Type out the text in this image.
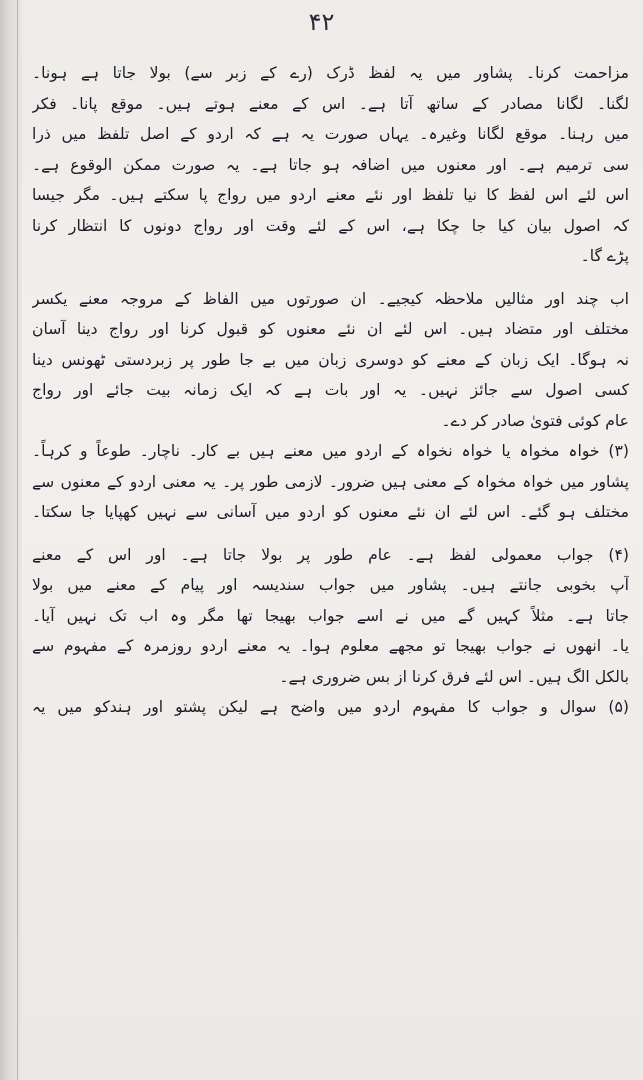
۴۲
مزاحمت کرنا۔ پشاور میں یہ لفظ ڈرک (رے کے زبر سے) بولا جاتا ہے ہونا۔
لگنا۔ لگانا مصادر کے ساتھ آتا ہے۔ اس کے معنے ہوتے ہیں۔ موقع پانا۔ فکر
میں رہنا۔ موقع لگانا وغیرہ۔ یہاں صورت یہ ہے کہ اردو کے اصل تلفظ میں ذرا
سی ترمیم ہے۔ اور معنوں میں اضافہ ہو جاتا ہے۔ یہ صورت ممکن الوقوع ہے۔
اس لئے اس لفظ کا نیا تلفظ اور نئے معنے اردو میں رواج پا سکتے ہیں۔ مگر جیسا
کہ اصول بیان کیا جا چکا ہے، اس کے لئے وقت اور رواج دونوں کا انتظار کرنا
پڑے گا۔
اب چند اور مثالیں ملاحظہ کیجیے۔ ان صورتوں میں الفاظ کے مروجہ معنے یکسر
مختلف اور متضاد ہیں۔ اس لئے ان نئے معنوں کو قبول کرنا اور رواج دینا آسان
نہ ہوگا۔ ایک زبان کے معنے کو دوسری زبان میں بے جا طور پر زبردستی ٹھونس دینا
کسی اصول سے جائز نہیں۔ یہ اور بات ہے کہ ایک زمانہ بیت جائے اور رواج
عام کوئی فتویٰ صادر کر دے۔
(۳) خواہ مخواہ یا خواہ نخواہ کے اردو میں معنے ہیں بے کار۔ ناچار۔ طوعاً و کرہاً۔
پشاور میں خواہ مخواہ کے معنی ہیں ضرور۔ لازمی طور پر۔ یہ معنی اردو کے معنوں سے
مختلف ہو گئے۔ اس لئے ان نئے معنوں کو اردو میں آسانی سے نہیں کھپایا جا سکتا۔
(۴) جواب معمولی لفظ ہے۔ عام طور پر بولا جاتا ہے۔ اور اس کے معنے
آپ بخوبی جانتے ہیں۔ پشاور میں جواب سندیسہ اور پیام کے معنے میں بولا
جاتا ہے۔ مثلاً کہیں گے میں نے اسے جواب بھیجا تھا مگر وہ اب تک نہیں آیا۔
یا۔ انھوں نے جواب بھیجا تو مجھے معلوم ہوا۔ یہ معنے اردو روزمرہ کے مفہوم سے
بالکل الگ ہیں۔ اس لئے فرق کرنا از بس ضروری ہے۔
(۵) سوال و جواب کا مفہوم اردو میں واضح ہے لیکن پشتو اور ہندکو میں یہ
